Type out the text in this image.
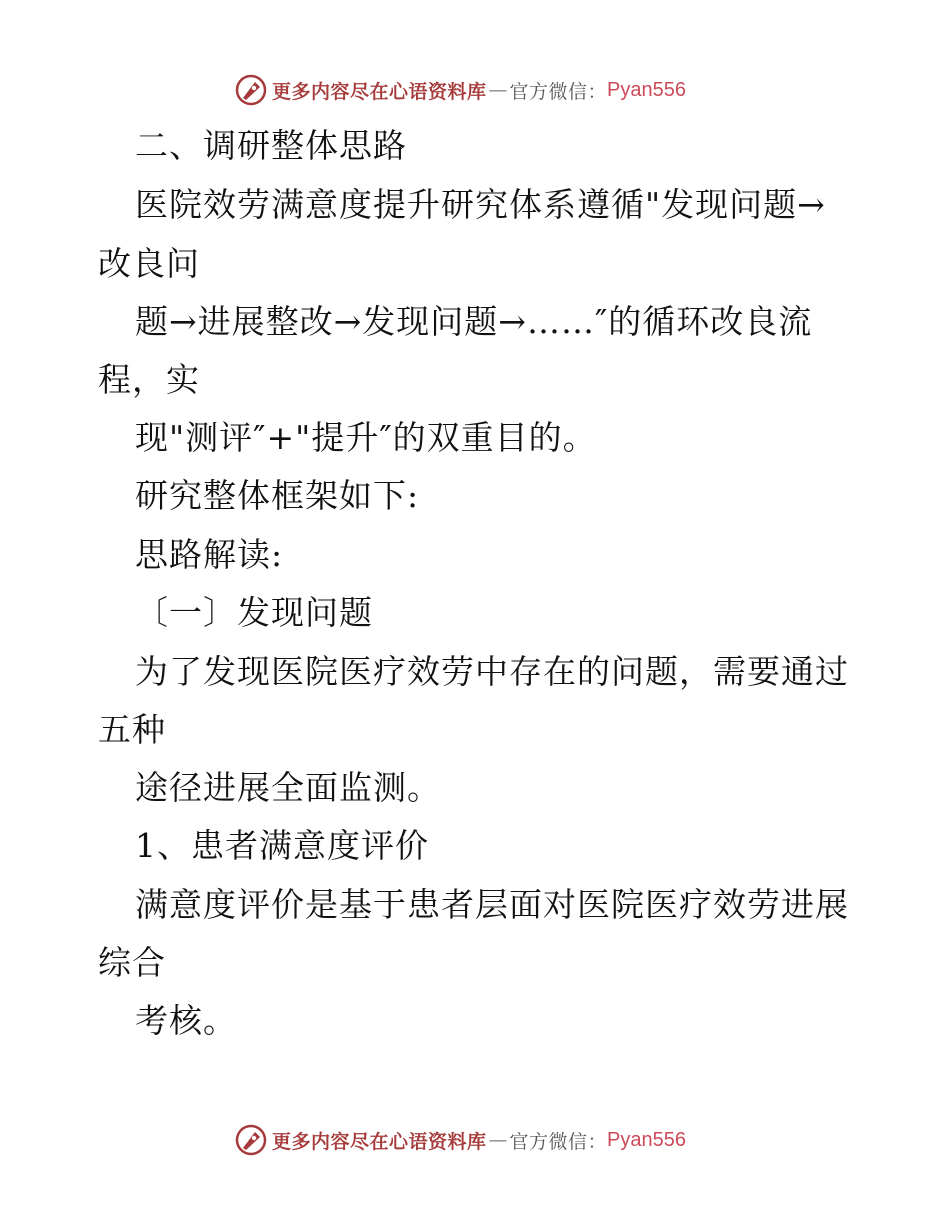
更多内容尽在心语资料库 — 官方微信： Pyan556
二、调研整体思路
医院效劳满意度提升研究体系遵循"发现问题→
改良问
题→进展整改→发现问题→……″的循环改良流
程，实
现"测评″+"提升″的双重目的。
研究整体框架如下:
思路解读:
〔一〕发现问题
为了发现医院医疗效劳中存在的问题，需要通过
五种
途径进展全面监测。
1、患者满意度评价
满意度评价是基于患者层面对医院医疗效劳进展
综合
考核。
更多内容尽在心语资料库 — 官方微信： Pyan556
